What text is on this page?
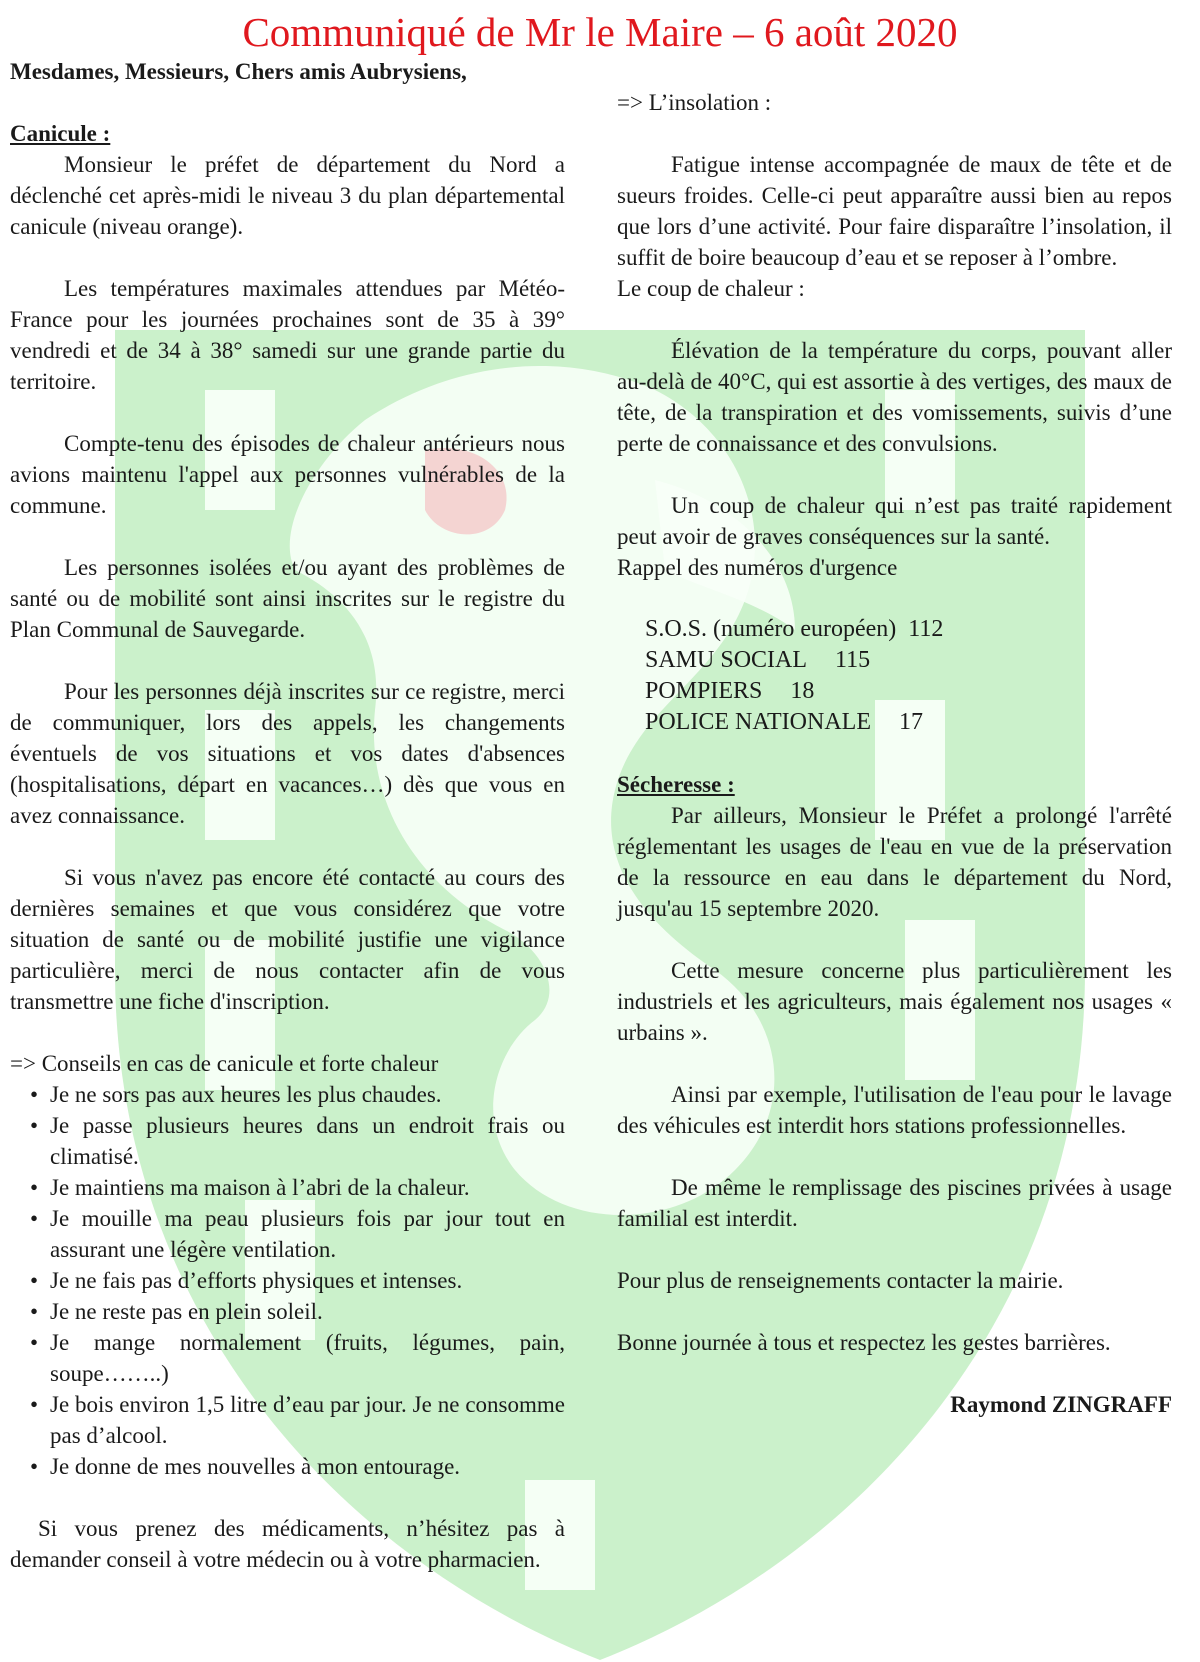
Communiqué de Mr le Maire – 6 août 2020

Mesdames, Messieurs, Chers amis Aubrysiens,

Canicule :

Monsieur le préfet de département du Nord a déclenché cet après-midi le niveau 3 du plan départemental canicule (niveau orange).

Les températures maximales attendues par Météo-France pour les journées prochaines sont de 35 à 39° vendredi et de 34 à 38° samedi sur une grande partie du territoire.

Compte-tenu des épisodes de chaleur antérieurs nous avions maintenu l'appel aux personnes vulnérables de la commune.

Les personnes isolées et/ou ayant des problèmes de santé ou de mobilité sont ainsi inscrites sur le registre du Plan Communal de Sauvegarde.

Pour les personnes déjà inscrites sur ce registre, merci de communiquer, lors des appels, les changements éventuels de vos situations et vos dates d'absences (hospitalisations, départ en vacances…) dès que vous en avez connaissance.

Si vous n'avez pas encore été contacté au cours des dernières semaines et que vous considérez que votre situation de santé ou de mobilité justifie une vigilance particulière, merci de nous contacter afin de vous transmettre une fiche d'inscription.

=> Conseils en cas de canicule et forte chaleur

• Je ne sors pas aux heures les plus chaudes.
• Je passe plusieurs heures dans un endroit frais ou climatisé.
• Je maintiens ma maison à l’abri de la chaleur.
• Je mouille ma peau plusieurs fois par jour tout en assurant une légère ventilation.
• Je ne fais pas d’efforts physiques et intenses.
• Je ne reste pas en plein soleil.
• Je mange normalement (fruits, légumes, pain, soupe……..)
• Je bois environ 1,5 litre d’eau par jour. Je ne consomme pas d’alcool.
• Je donne de mes nouvelles à mon entourage.

Si vous prenez des médicaments, n’hésitez pas à demander conseil à votre médecin ou à votre pharmacien.

=> L’insolation :

Fatigue intense accompagnée de maux de tête et de sueurs froides. Celle-ci peut apparaître aussi bien au repos que lors d’une activité. Pour faire disparaître l’insolation, il suffit de boire beaucoup d’eau et se reposer à l’ombre.

Le coup de chaleur :

Élévation de la température du corps, pouvant aller au-delà de 40°C, qui est assortie à des vertiges, des maux de tête, de la transpiration et des vomissements, suivis d’une perte de connaissance et des convulsions.

Un coup de chaleur qui n’est pas traité rapidement peut avoir de graves conséquences sur la santé.

Rappel des numéros d'urgence

S.O.S. (numéro européen) 112
SAMU SOCIAL 115
POMPIERS 18
POLICE NATIONALE 17

Sécheresse :

Par ailleurs, Monsieur le Préfet a prolongé l'arrêté réglementant les usages de l'eau en vue de la préservation de la ressource en eau dans le département du Nord, jusqu'au 15 septembre 2020.

Cette mesure concerne plus particulièrement les industriels et les agriculteurs, mais également nos usages « urbains ».

Ainsi par exemple, l'utilisation de l'eau pour le lavage des véhicules est interdit hors stations professionnelles.

De même le remplissage des piscines privées à usage familial est interdit.

Pour plus de renseignements contacter la mairie.

Bonne journée à tous et respectez les gestes barrières.

Raymond ZINGRAFF
